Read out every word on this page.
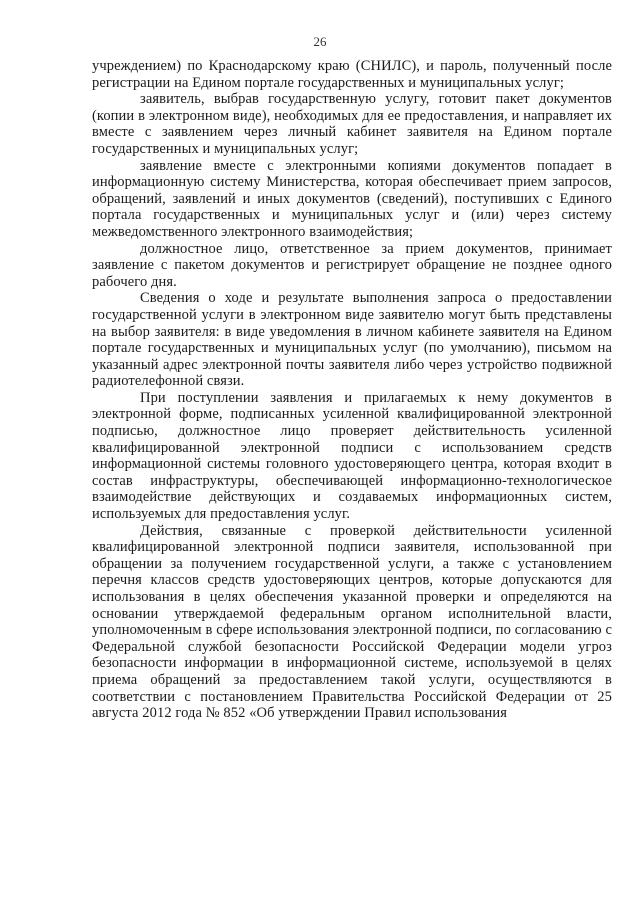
26

учреждением) по Краснодарскому краю (СНИЛС), и пароль, полученный после регистрации на Едином портале государственных и муниципальных услуг;

заявитель, выбрав государственную услугу, готовит пакет документов (копии в электронном виде), необходимых для ее предоставления, и направляет их вместе с заявлением через личный кабинет заявителя на Едином портале государственных и муниципальных услуг;

заявление вместе с электронными копиями документов попадает в информационную систему Министерства, которая обеспечивает прием запросов, обращений, заявлений и иных документов (сведений), поступивших с Единого портала государственных и муниципальных услуг и (или) через систему межведомственного электронного взаимодействия;

должностное лицо, ответственное за прием документов, принимает заявление с пакетом документов и регистрирует обращение не позднее одного рабочего дня.

Сведения о ходе и результате выполнения запроса о предоставлении государственной услуги в электронном виде заявителю могут быть представлены на выбор заявителя: в виде уведомления в личном кабинете заявителя на Едином портале государственных и муниципальных услуг (по умолчанию), письмом на указанный адрес электронной почты заявителя либо через устройство подвижной радиотелефонной связи.

При поступлении заявления и прилагаемых к нему документов в электронной форме, подписанных усиленной квалифицированной электронной подписью, должностное лицо проверяет действительность усиленной квалифицированной электронной подписи с использованием средств информационной системы головного удостоверяющего центра, которая входит в состав инфраструктуры, обеспечивающей информационно-технологическое взаимодействие действующих и создаваемых информационных систем, используемых для предоставления услуг.

Действия, связанные с проверкой действительности усиленной квалифицированной электронной подписи заявителя, использованной при обращении за получением государственной услуги, а также с установлением перечня классов средств удостоверяющих центров, которые допускаются для использования в целях обеспечения указанной проверки и определяются на основании утверждаемой федеральным органом исполнительной власти, уполномоченным в сфере использования электронной подписи, по согласованию с Федеральной службой безопасности Российской Федерации модели угроз безопасности информации в информационной системе, используемой в целях приема обращений за предоставлением такой услуги, осуществляются в соответствии с постановлением Правительства Российской Федерации от 25 августа 2012 года № 852 «Об утверждении Правил использования
